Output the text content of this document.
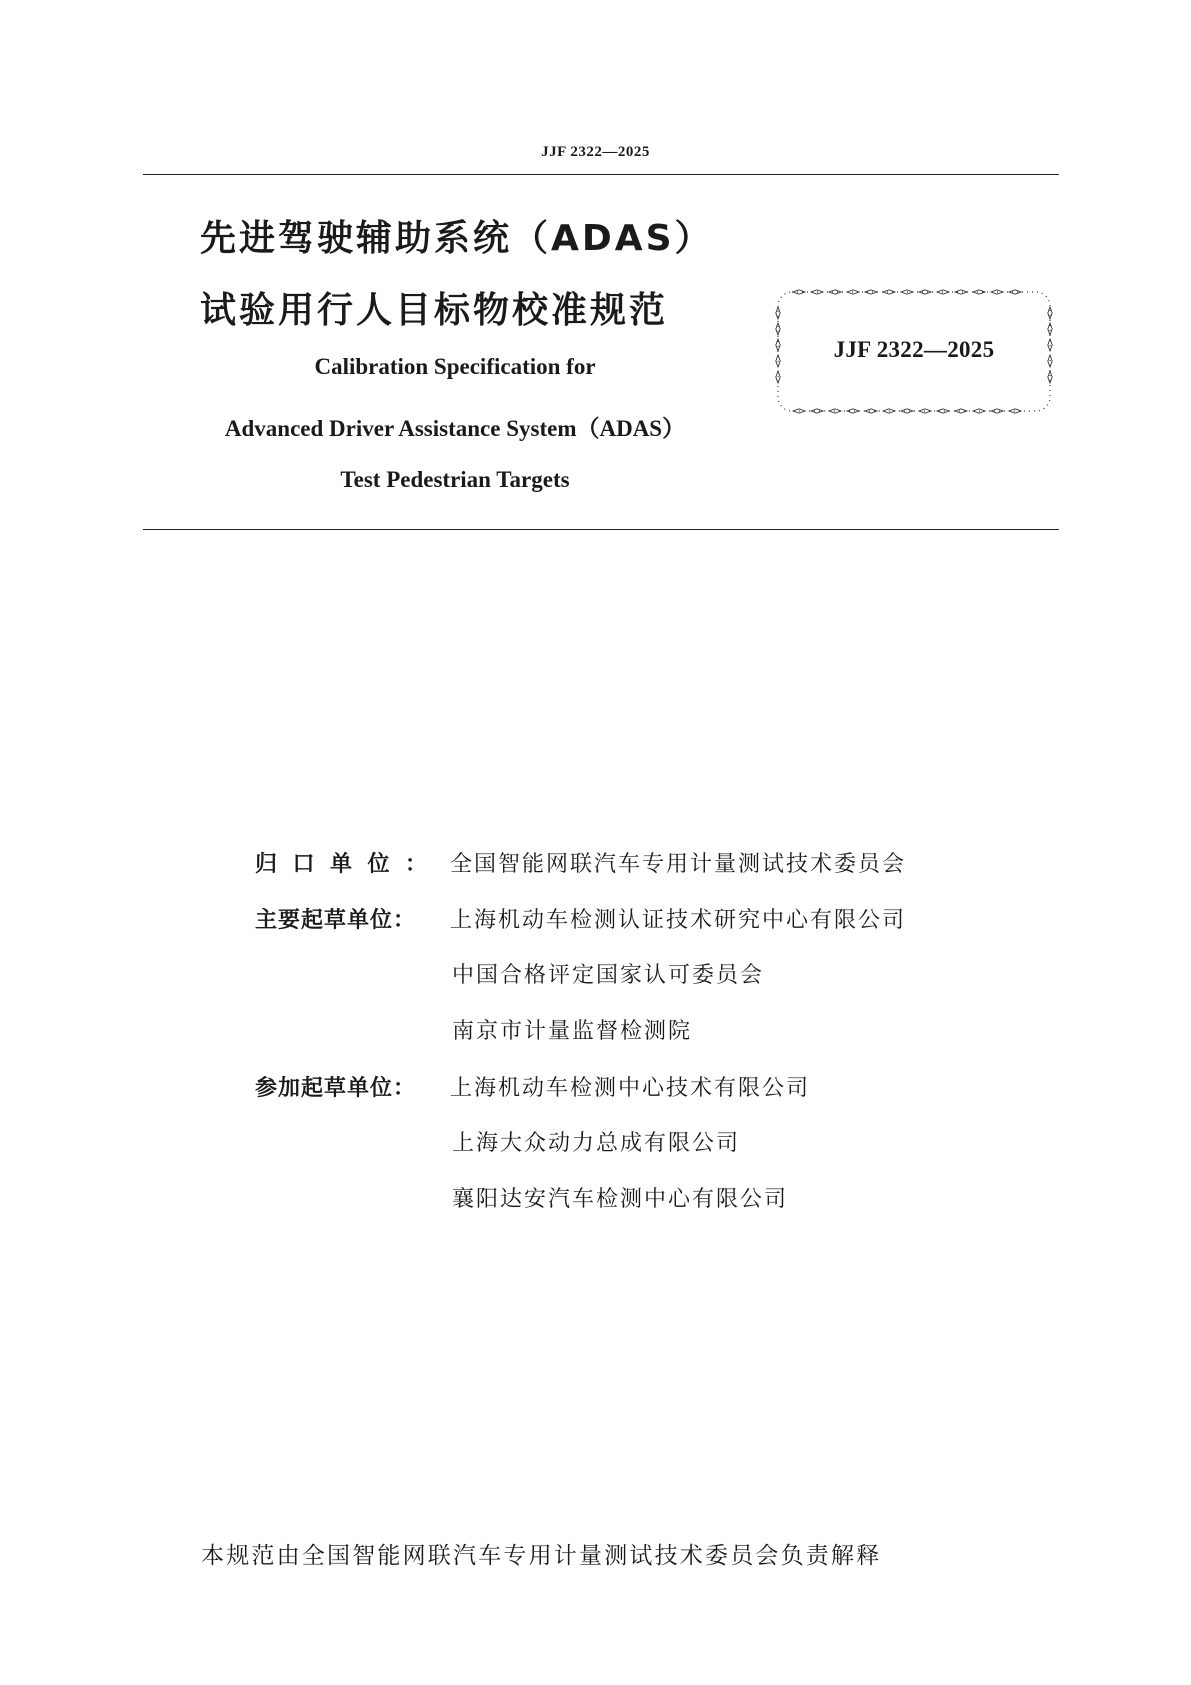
JJF 2322—2025
先进驾驶辅助系统（ADAS）
试验用行人目标物校准规范
Calibration Specification for
Advanced Driver Assistance System（ADAS）
Test Pedestrian Targets
JJF 2322—2025
归口单位： 全国智能网联汽车专用计量测试技术委员会
主要起草单位： 上海机动车检测认证技术研究中心有限公司
中国合格评定国家认可委员会
南京市计量监督检测院
参加起草单位： 上海机动车检测中心技术有限公司
上海大众动力总成有限公司
襄阳达安汽车检测中心有限公司
本规范由全国智能网联汽车专用计量测试技术委员会负责解释
